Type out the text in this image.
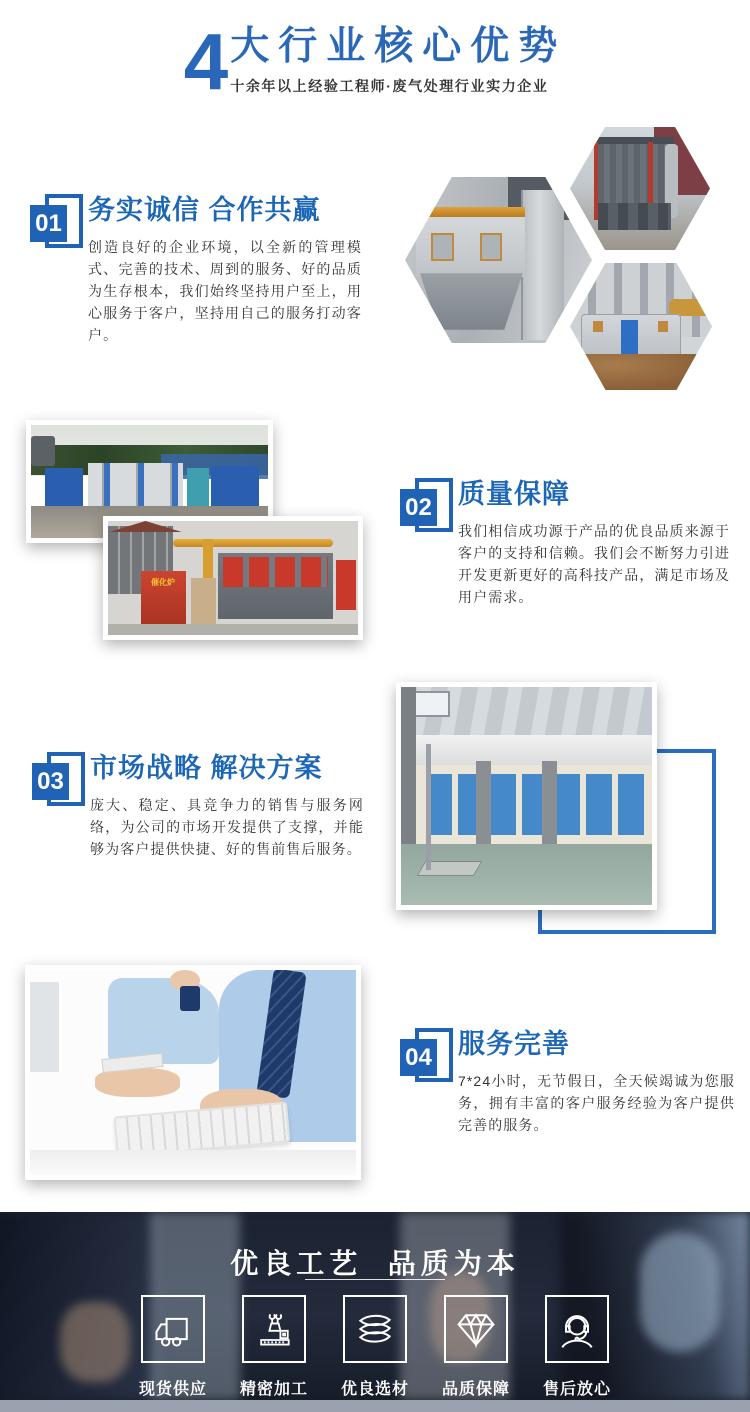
4 大行业核心优势
十余年以上经验工程师·废气处理行业实力企业
01 务实诚信 合作共赢
创造良好的企业环境，以全新的管理模式、完善的技术、周到的服务、好的品质为生存根本，我们始终坚持用户至上，用心服务于客户，坚持用自己的服务打动客户。
催化炉
02 质量保障
我们相信成功源于产品的优良品质来源于客户的支持和信赖。我们会不断努力引进开发更新更好的高科技产品，满足市场及用户需求。
03 市场战略 解决方案
庞大、稳定、具竞争力的销售与服务网络，为公司的市场开发提供了支撑，并能够为客户提供快捷、好的售前售后服务。
04 服务完善
7*24小时，无节假日，全天候竭诚为您服务，拥有丰富的客户服务经验为客户提供完善的服务。
优良工艺  品质为本
现货供应 精密加工 优良选材 品质保障 售后放心
